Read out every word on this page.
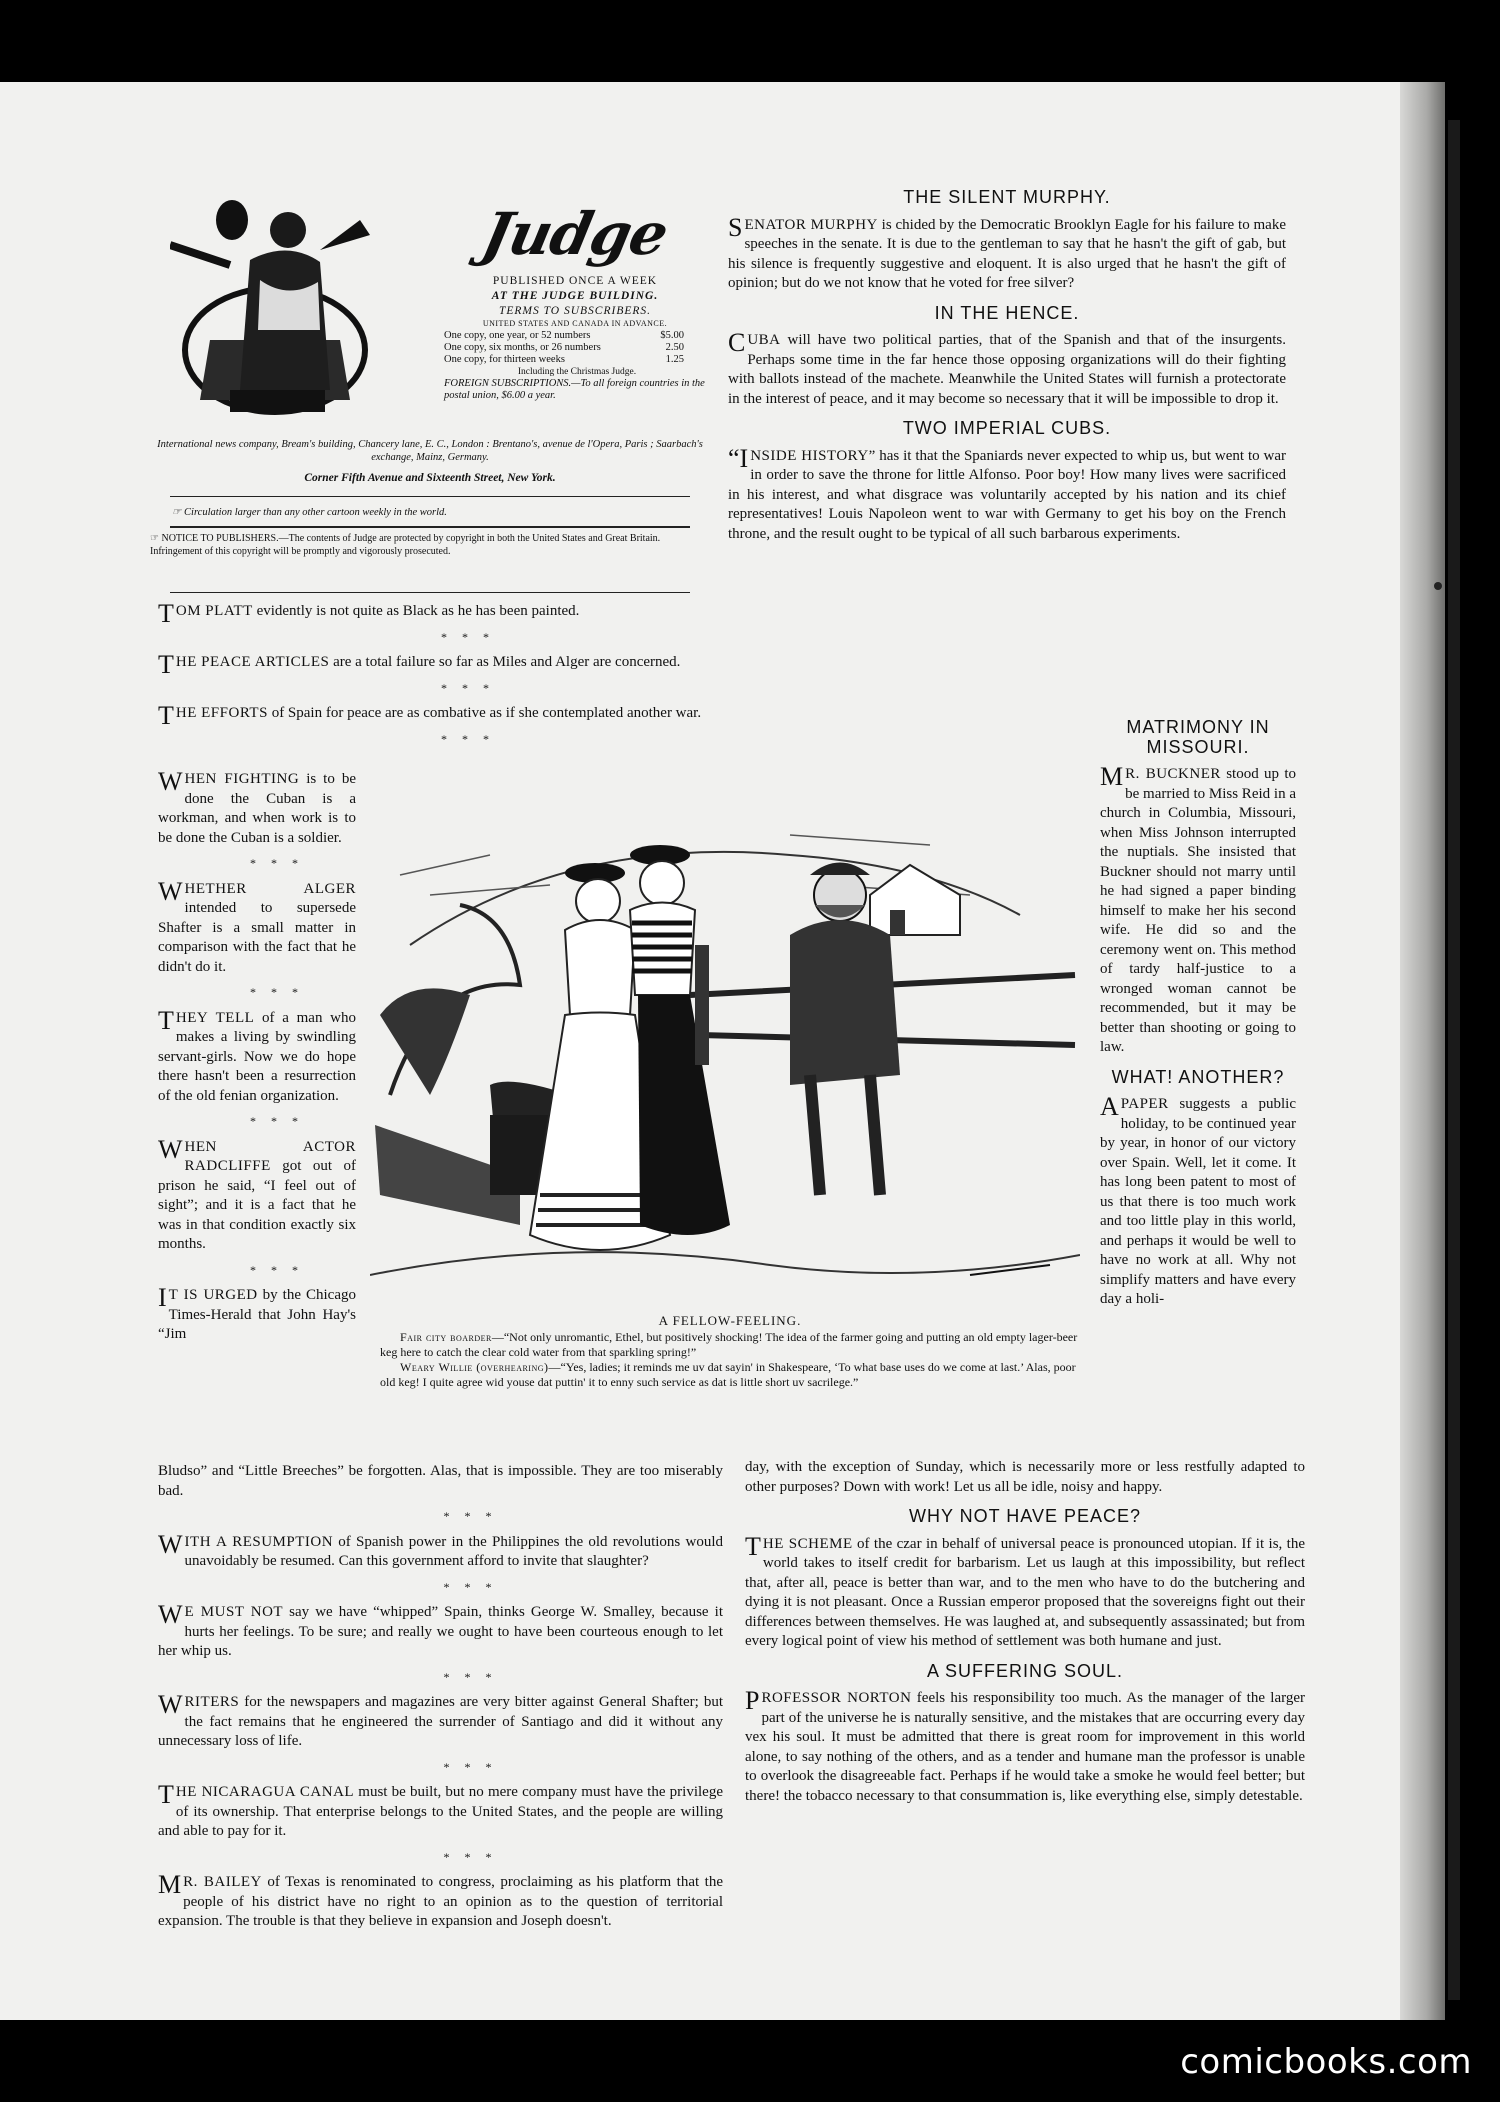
Judge
PUBLISHED ONCE A WEEK
AT THE JUDGE BUILDING.
TERMS TO SUBSCRIBERS.
UNITED STATES AND CANADA IN ADVANCE.
One copy, one year, or 52 numbers	$5.00
One copy, six months, or 26 numbers	2.50
One copy, for thirteen weeks	1.25
Including the Christmas Judge.
FOREIGN SUBSCRIPTIONS.—To all foreign countries in the postal union, $6.00 a year.
International news company, Bream's building, Chancery lane, E. C., London : Brentano's, avenue de l'Opera, Paris ; Saarbach's exchange, Mainz, Germany.
Corner Fifth Avenue and Sixteenth Street, New York.
☞ Circulation larger than any other cartoon weekly in the world.
☞ NOTICE TO PUBLISHERS.—The contents of Judge are protected by copyright in both the United States and Great Britain. Infringement of this copyright will be promptly and vigorously prosecuted.
TOM PLATT evidently is not quite as Black as he has been painted.
* * *
THE PEACE ARTICLES are a total failure so far as Miles and Alger are concerned.
* * *
THE EFFORTS of Spain for peace are as combative as if she contemplated another war.
* * *
WHEN FIGHTING is to be done the Cuban is a workman, and when work is to be done the Cuban is a soldier.
* * *
WHETHER ALGER intended to supersede Shafter is a small matter in comparison with the fact that he didn't do it.
* * *
THEY TELL of a man who makes a living by swindling servant-girls. Now we do hope there hasn't been a resurrection of the old fenian organization.
* * *
WHEN ACTOR RADCLIFFE got out of prison he said, “I feel out of sight”; and it is a fact that he was in that condition exactly six months.
* * *
I T IS URGED by the Chicago Times-Herald that John Hay's “Jim
Bludso” and “Little Breeches” be forgotten. Alas, that is impossible. They are too miserably bad.
* * *
WITH A RESUMPTION of Spanish power in the Philippines the old revolutions would unavoidably be resumed. Can this government afford to invite that slaughter?
* * *
W E MUST NOT say we have “whipped” Spain, thinks George W. Smalley, because it hurts her feelings. To be sure; and really we ought to have been courteous enough to let her whip us.
* * *
WRITERS for the newspapers and magazines are very bitter against General Shafter; but the fact remains that he engineered the surrender of Santiago and did it without any unnecessary loss of life.
* * *
THE NICARAGUA CANAL must be built, but no mere company must have the privilege of its ownership. That enterprise belongs to the United States, and the people are willing and able to pay for it.
* * *
M R. BAILEY of Texas is renominated to congress, proclaiming as his platform that the people of his district have no right to an opinion as to the question of territorial expansion. The trouble is that they believe in expansion and Joseph doesn't.
THE SILENT MURPHY.
SENATOR MURPHY is chided by the Democratic Brooklyn Eagle for his failure to make speeches in the senate. It is due to the gentleman to say that he hasn't the gift of gab, but his silence is frequently suggestive and eloquent. It is also urged that he hasn't the gift of opinion; but do we not know that he voted for free silver?
IN THE HENCE.
CUBA will have two political parties, that of the Spanish and that of the insurgents. Perhaps some time in the far hence those opposing organizations will do their fighting with ballots instead of the machete. Meanwhile the United States will furnish a protectorate in the interest of peace, and it may become so necessary that it will be impossible to drop it.
TWO IMPERIAL CUBS.
“INSIDE HISTORY” has it that the Spaniards never expected to whip us, but went to war in order to save the throne for little Alfonso. Poor boy! How many lives were sacrificed in his interest, and what disgrace was voluntarily accepted by his nation and its chief representatives! Louis Napoleon went to war with Germany to get his boy on the French throne, and the result ought to be typical of all such barbarous experiments.
MATRIMONY IN MISSOURI.
M R. BUCKNER stood up to be married to Miss Reid in a church in Columbia, Missouri, when Miss Johnson interrupted the nuptials. She insisted that Buckner should not marry until he had signed a paper binding himself to make her his second wife. He did so and the ceremony went on. This method of tardy half-justice to a wronged woman cannot be recommended, but it may be better than shooting or going to law.
WHAT! ANOTHER?
A PAPER suggests a public holiday, to be continued year by year, in honor of our victory over Spain. Well, let it come. It has long been patent to most of us that there is too much work and too little play in this world, and perhaps it would be well to have no work at all. Why not simplify matters and have every day a holi-
A FELLOW-FEELING.
Fair city boarder—“Not only unromantic, Ethel, but positively shocking! The idea of the farmer going and putting an old empty lager-beer keg here to catch the clear cold water from that sparkling spring!”
Weary Willie (overhearing)—“Yes, ladies; it reminds me uv dat sayin' in Shakespeare, ‘To what base uses do we come at last.’ Alas, poor old keg! I quite agree wid youse dat puttin' it to enny such service as dat is little short uv sacrilege.”
day, with the exception of Sunday, which is necessarily more or less restfully adapted to other purposes? Down with work! Let us all be idle, noisy and happy.
WHY NOT HAVE PEACE?
THE SCHEME of the czar in behalf of universal peace is pronounced utopian. If it is, the world takes to itself credit for barbarism. Let us laugh at this impossibility, but reflect that, after all, peace is better than war, and to the men who have to do the butchering and dying it is not pleasant. Once a Russian emperor proposed that the sovereigns fight out their differences between themselves. He was laughed at, and subsequently assassinated; but from every logical point of view his method of settlement was both humane and just.
A SUFFERING SOUL.
PROFESSOR NORTON feels his responsibility too much. As the manager of the larger part of the universe he is naturally sensitive, and the mistakes that are occurring every day vex his soul. It must be admitted that there is great room for improvement in this world alone, to say nothing of the others, and as a tender and humane man the professor is unable to overlook the disagreeable fact. Perhaps if he would take a smoke he would feel better; but there! the tobacco necessary to that consummation is, like everything else, simply detestable.
comicbooks.com
